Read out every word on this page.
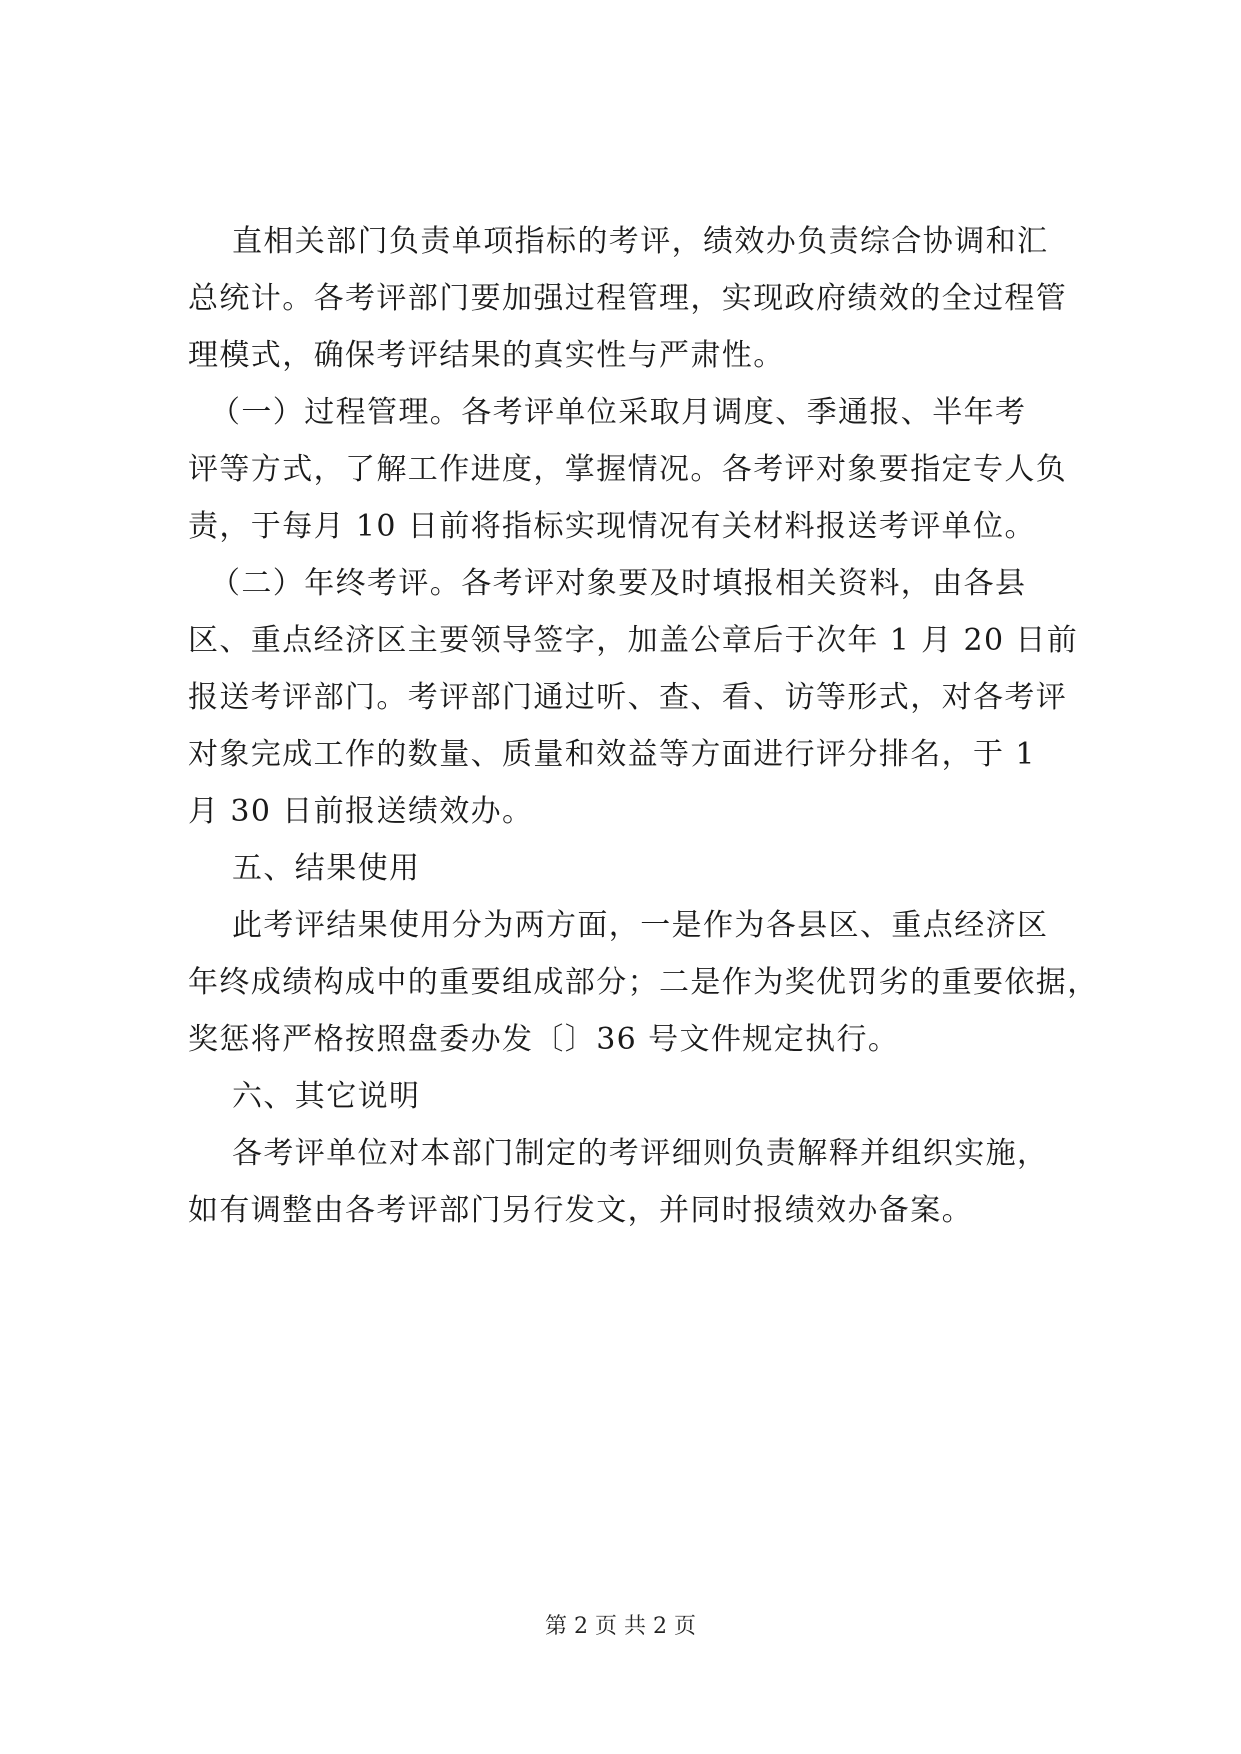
直相关部门负责单项指标的考评，绩效办负责综合协调和汇
总统计。各考评部门要加强过程管理，实现政府绩效的全过程管
理模式，确保考评结果的真实性与严肃性。
（一）过程管理。各考评单位采取月调度、季通报、半年考
评等方式，了解工作进度，掌握情况。各考评对象要指定专人负
责，于每月 10 日前将指标实现情况有关材料报送考评单位。
（二）年终考评。各考评对象要及时填报相关资料，由各县
区、重点经济区主要领导签字，加盖公章后于次年 1 月 20 日前
报送考评部门。考评部门通过听、查、看、访等形式，对各考评
对象完成工作的数量、质量和效益等方面进行评分排名，于 1
月 30 日前报送绩效办。
五、结果使用
此考评结果使用分为两方面，一是作为各县区、重点经济区
年终成绩构成中的重要组成部分；二是作为奖优罚劣的重要依据，
奖惩将严格按照盘委办发〔〕36 号文件规定执行。
六、其它说明
各考评单位对本部门制定的考评细则负责解释并组织实施，
如有调整由各考评部门另行发文，并同时报绩效办备案。
第 2 页 共 2 页
